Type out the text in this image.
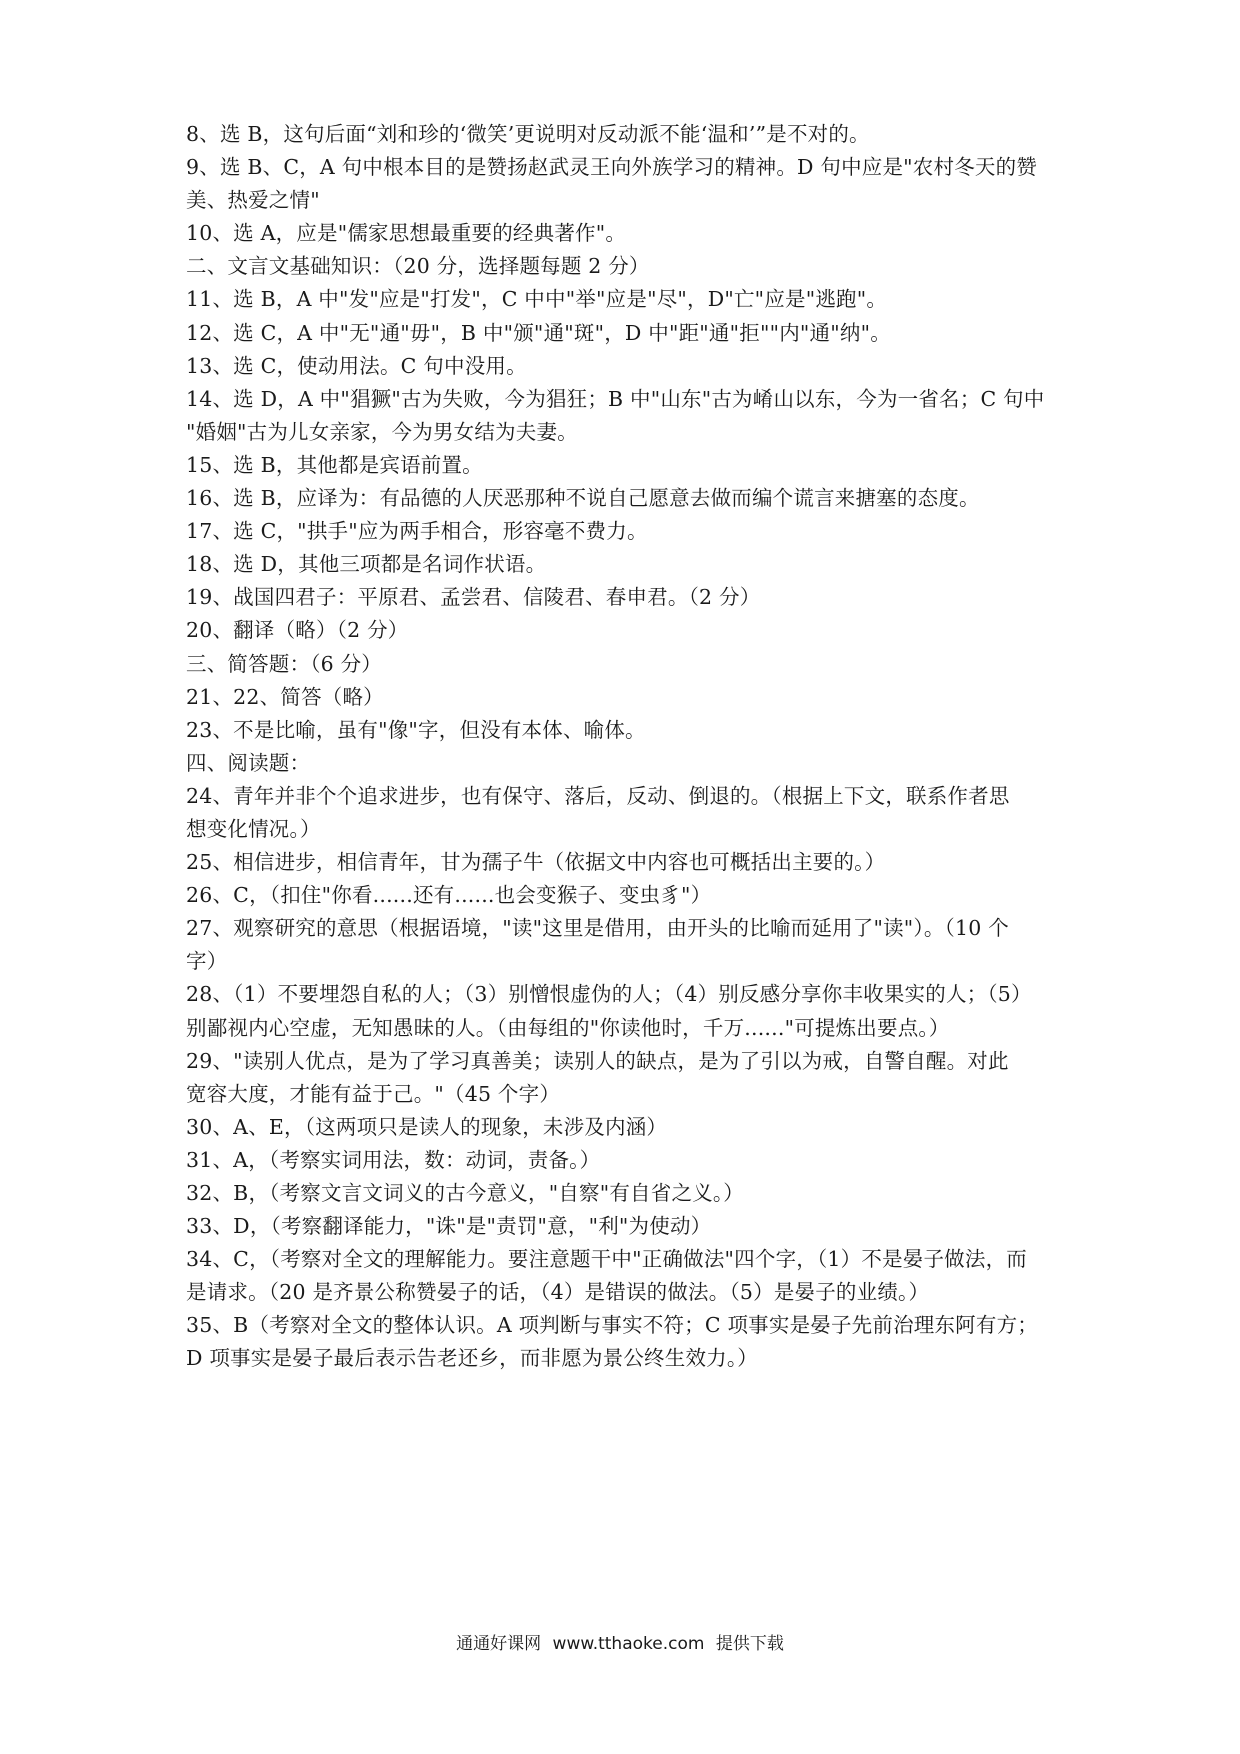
8、选 B，这句后面“刘和珍的‘微笑’更说明对反动派不能‘温和’”是不对的。
9、选 B、C，A 句中根本目的是赞扬赵武灵王向外族学习的精神。D 句中应是"农村冬天的赞
美、热爱之情"
10、选 A，应是"儒家思想最重要的经典著作"。
二、文言文基础知识：（20 分，选择题每题 2 分）
11、选 B，A 中"发"应是"打发"，C 中中"举"应是"尽"，D"亡"应是"逃跑"。
12、选 C，A 中"无"通"毋"，B 中"颁"通"斑"，D 中"距"通"拒""内"通"纳"。
13、选 C，使动用法。C 句中没用。
14、选 D，A 中"猖獗"古为失败，今为猖狂；B 中"山东"古为崤山以东，今为一省名；C 句中
"婚姻"古为儿女亲家，今为男女结为夫妻。
15、选 B，其他都是宾语前置。
16、选 B，应译为：有品德的人厌恶那种不说自己愿意去做而编个谎言来搪塞的态度。
17、选 C，"拱手"应为两手相合，形容毫不费力。
18、选 D，其他三项都是名词作状语。
19、战国四君子：平原君、孟尝君、信陵君、春申君。（2 分）
20、翻译（略）（2 分）
三、简答题：（6 分）
21、22、简答（略）
23、不是比喻，虽有"像"字，但没有本体、喻体。
四、阅读题：
24、青年并非个个追求进步，也有保守、落后，反动、倒退的。（根据上下文，联系作者思
想变化情况。）
25、相信进步，相信青年，甘为孺子牛（依据文中内容也可概括出主要的。）
26、C，（扣住"你看......还有......也会变猴子、变虫豸"）
27、观察研究的意思（根据语境，"读"这里是借用，由开头的比喻而延用了"读"）。（10 个
字）
28、（1）不要埋怨自私的人；（3）别憎恨虚伪的人；（4）别反感分享你丰收果实的人；（5）
别鄙视内心空虚，无知愚昧的人。（由每组的"你读他时，千万......"可提炼出要点。）
29、"读别人优点，是为了学习真善美；读别人的缺点，是为了引以为戒，自警自醒。对此
宽容大度，才能有益于己。"（45 个字）
30、A、E，（这两项只是读人的现象，未涉及内涵）
31、A，（考察实词用法，数：动词，责备。）
32、B，（考察文言文词义的古今意义，"自察"有自省之义。）
33、D，（考察翻译能力，"诛"是"责罚"意，"利"为使动）
34、C，（考察对全文的理解能力。要注意题干中"正确做法"四个字，（1）不是晏子做法，而
是请求。（20 是齐景公称赞晏子的话，（4）是错误的做法。（5）是晏子的业绩。）
35、B（考察对全文的整体认识。A 项判断与事实不符；C 项事实是晏子先前治理东阿有方；
D 项事实是晏子最后表示告老还乡，而非愿为景公终生效力。）
通通好课网 www.tthaoke.com 提供下载
